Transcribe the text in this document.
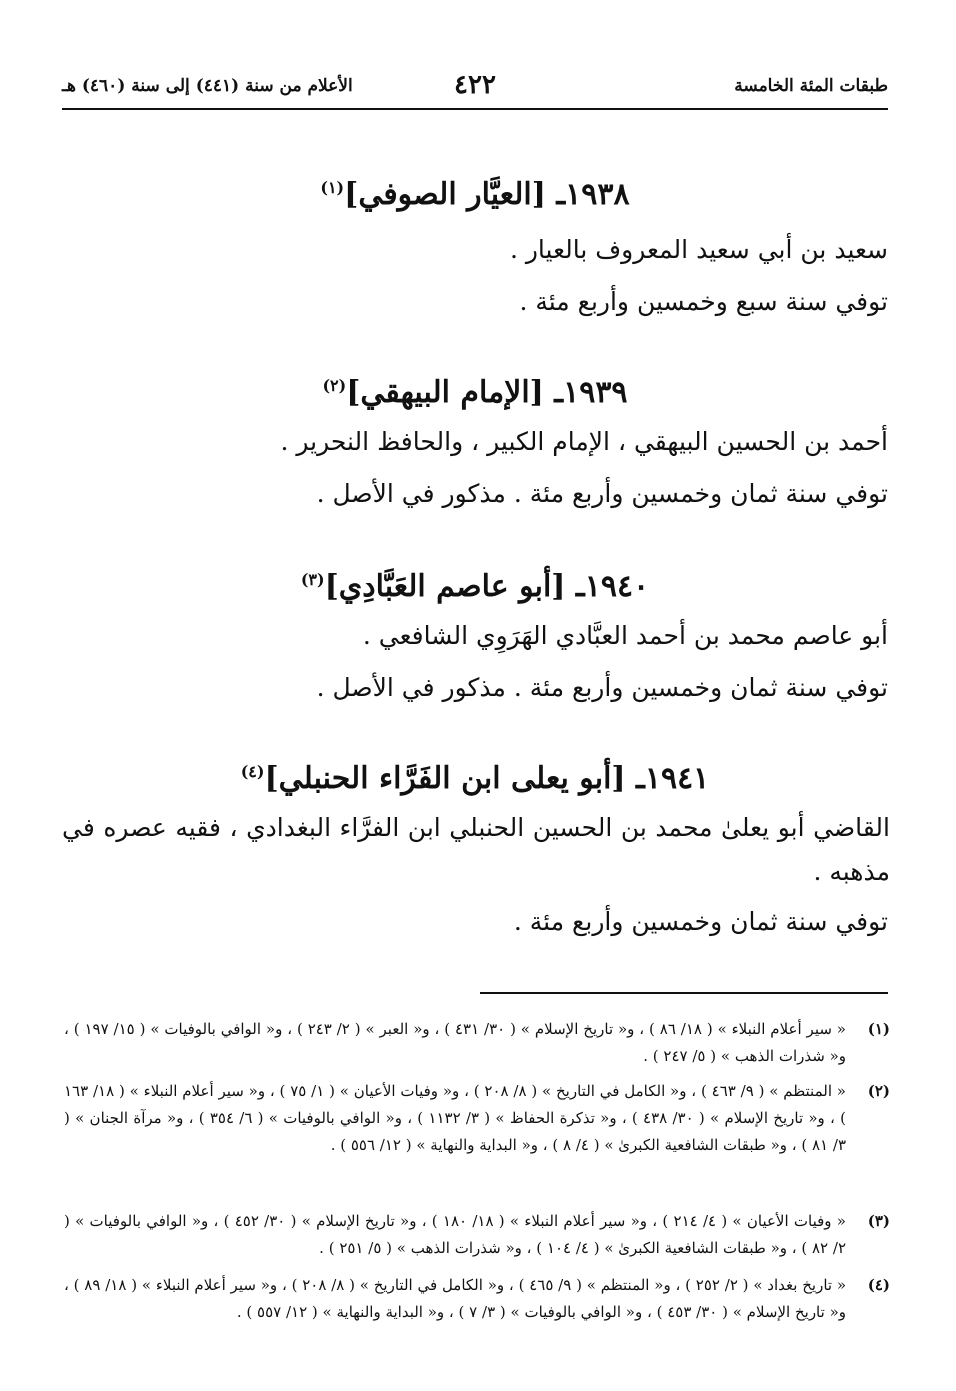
طبقات المئة الخامسة
٤٢٢
الأعلام من سنة (٤٤١) إلى سنة (٤٦٠) هـ
١٩٣٨ـ [العيَّار الصوفي]$^{(١)}$
سعيد بن أبي سعيد المعروف بالعيار .
توفي سنة سبع وخمسين وأربع مئة .
١٩٣٩ـ [الإمام البيهقي]$^{(٢)}$
أحمد بن الحسين البيهقي ، الإمام الكبير ، والحافظ النحرير .
توفي سنة ثمان وخمسين وأربع مئة . مذكور في الأصل .
١٩٤٠ـ [أبو عاصم العَبَّادِي]$^{(٣)}$
أبو عاصم محمد بن أحمد العبَّادي الهَرَوِي الشافعي .
توفي سنة ثمان وخمسين وأربع مئة . مذكور في الأصل .
١٩٤١ـ [أبو يعلى ابن الفَرَّاء الحنبلي]$^{(٤)}$
القاضي أبو يعلىٰ محمد بن الحسين الحنبلي ابن الفرَّاء البغدادي ، فقيه عصره في مذهبه .
توفي سنة ثمان وخمسين وأربع مئة .
(١)
« سير أعلام النبلاء » ( ١٨/ ٨٦ ) ، و« تاريخ الإسلام » ( ٣٠/ ٤٣١ ) ، و« العبر » ( ٢/ ٢٤٣ ) ، و« الوافي بالوفيات » ( ١٥/ ١٩٧ ) ، و« شذرات الذهب » ( ٥/ ٢٤٧ ) .
(٢)
« المنتظم » ( ٩/ ٤٦٣ ) ، و« الكامل في التاريخ » ( ٨/ ٢٠٨ ) ، و« وفيات الأعيان » ( ١/ ٧٥ ) ، و« سير أعلام النبلاء » ( ١٨/ ١٦٣ ) ، و« تاريخ الإسلام » ( ٣٠/ ٤٣٨ ) ، و« تذكرة الحفاظ » ( ٣/ ١١٣٢ ) ، و« الوافي بالوفيات » ( ٦/ ٣٥٤ ) ، و« مرآة الجنان » ( ٣/ ٨١ ) ، و« طبقات الشافعية الكبرىٰ » ( ٤/ ٨ ) ، و« البداية والنهاية » ( ١٢/ ٥٥٦ ) .
(٣)
« وفيات الأعيان » ( ٤/ ٢١٤ ) ، و« سير أعلام النبلاء » ( ١٨/ ١٨٠ ) ، و« تاريخ الإسلام » ( ٣٠/ ٤٥٢ ) ، و« الوافي بالوفيات » ( ٢/ ٨٢ ) ، و« طبقات الشافعية الكبرىٰ » ( ٤/ ١٠٤ ) ، و« شذرات الذهب » ( ٥/ ٢٥١ ) .
(٤)
« تاريخ بغداد » ( ٢/ ٢٥٢ ) ، و« المنتظم » ( ٩/ ٤٦٥ ) ، و« الكامل في التاريخ » ( ٨/ ٢٠٨ ) ، و« سير أعلام النبلاء » ( ١٨/ ٨٩ ) ، و« تاريخ الإسلام » ( ٣٠/ ٤٥٣ ) ، و« الوافي بالوفيات » ( ٣/ ٧ ) ، و« البداية والنهاية » ( ١٢/ ٥٥٧ ) .
